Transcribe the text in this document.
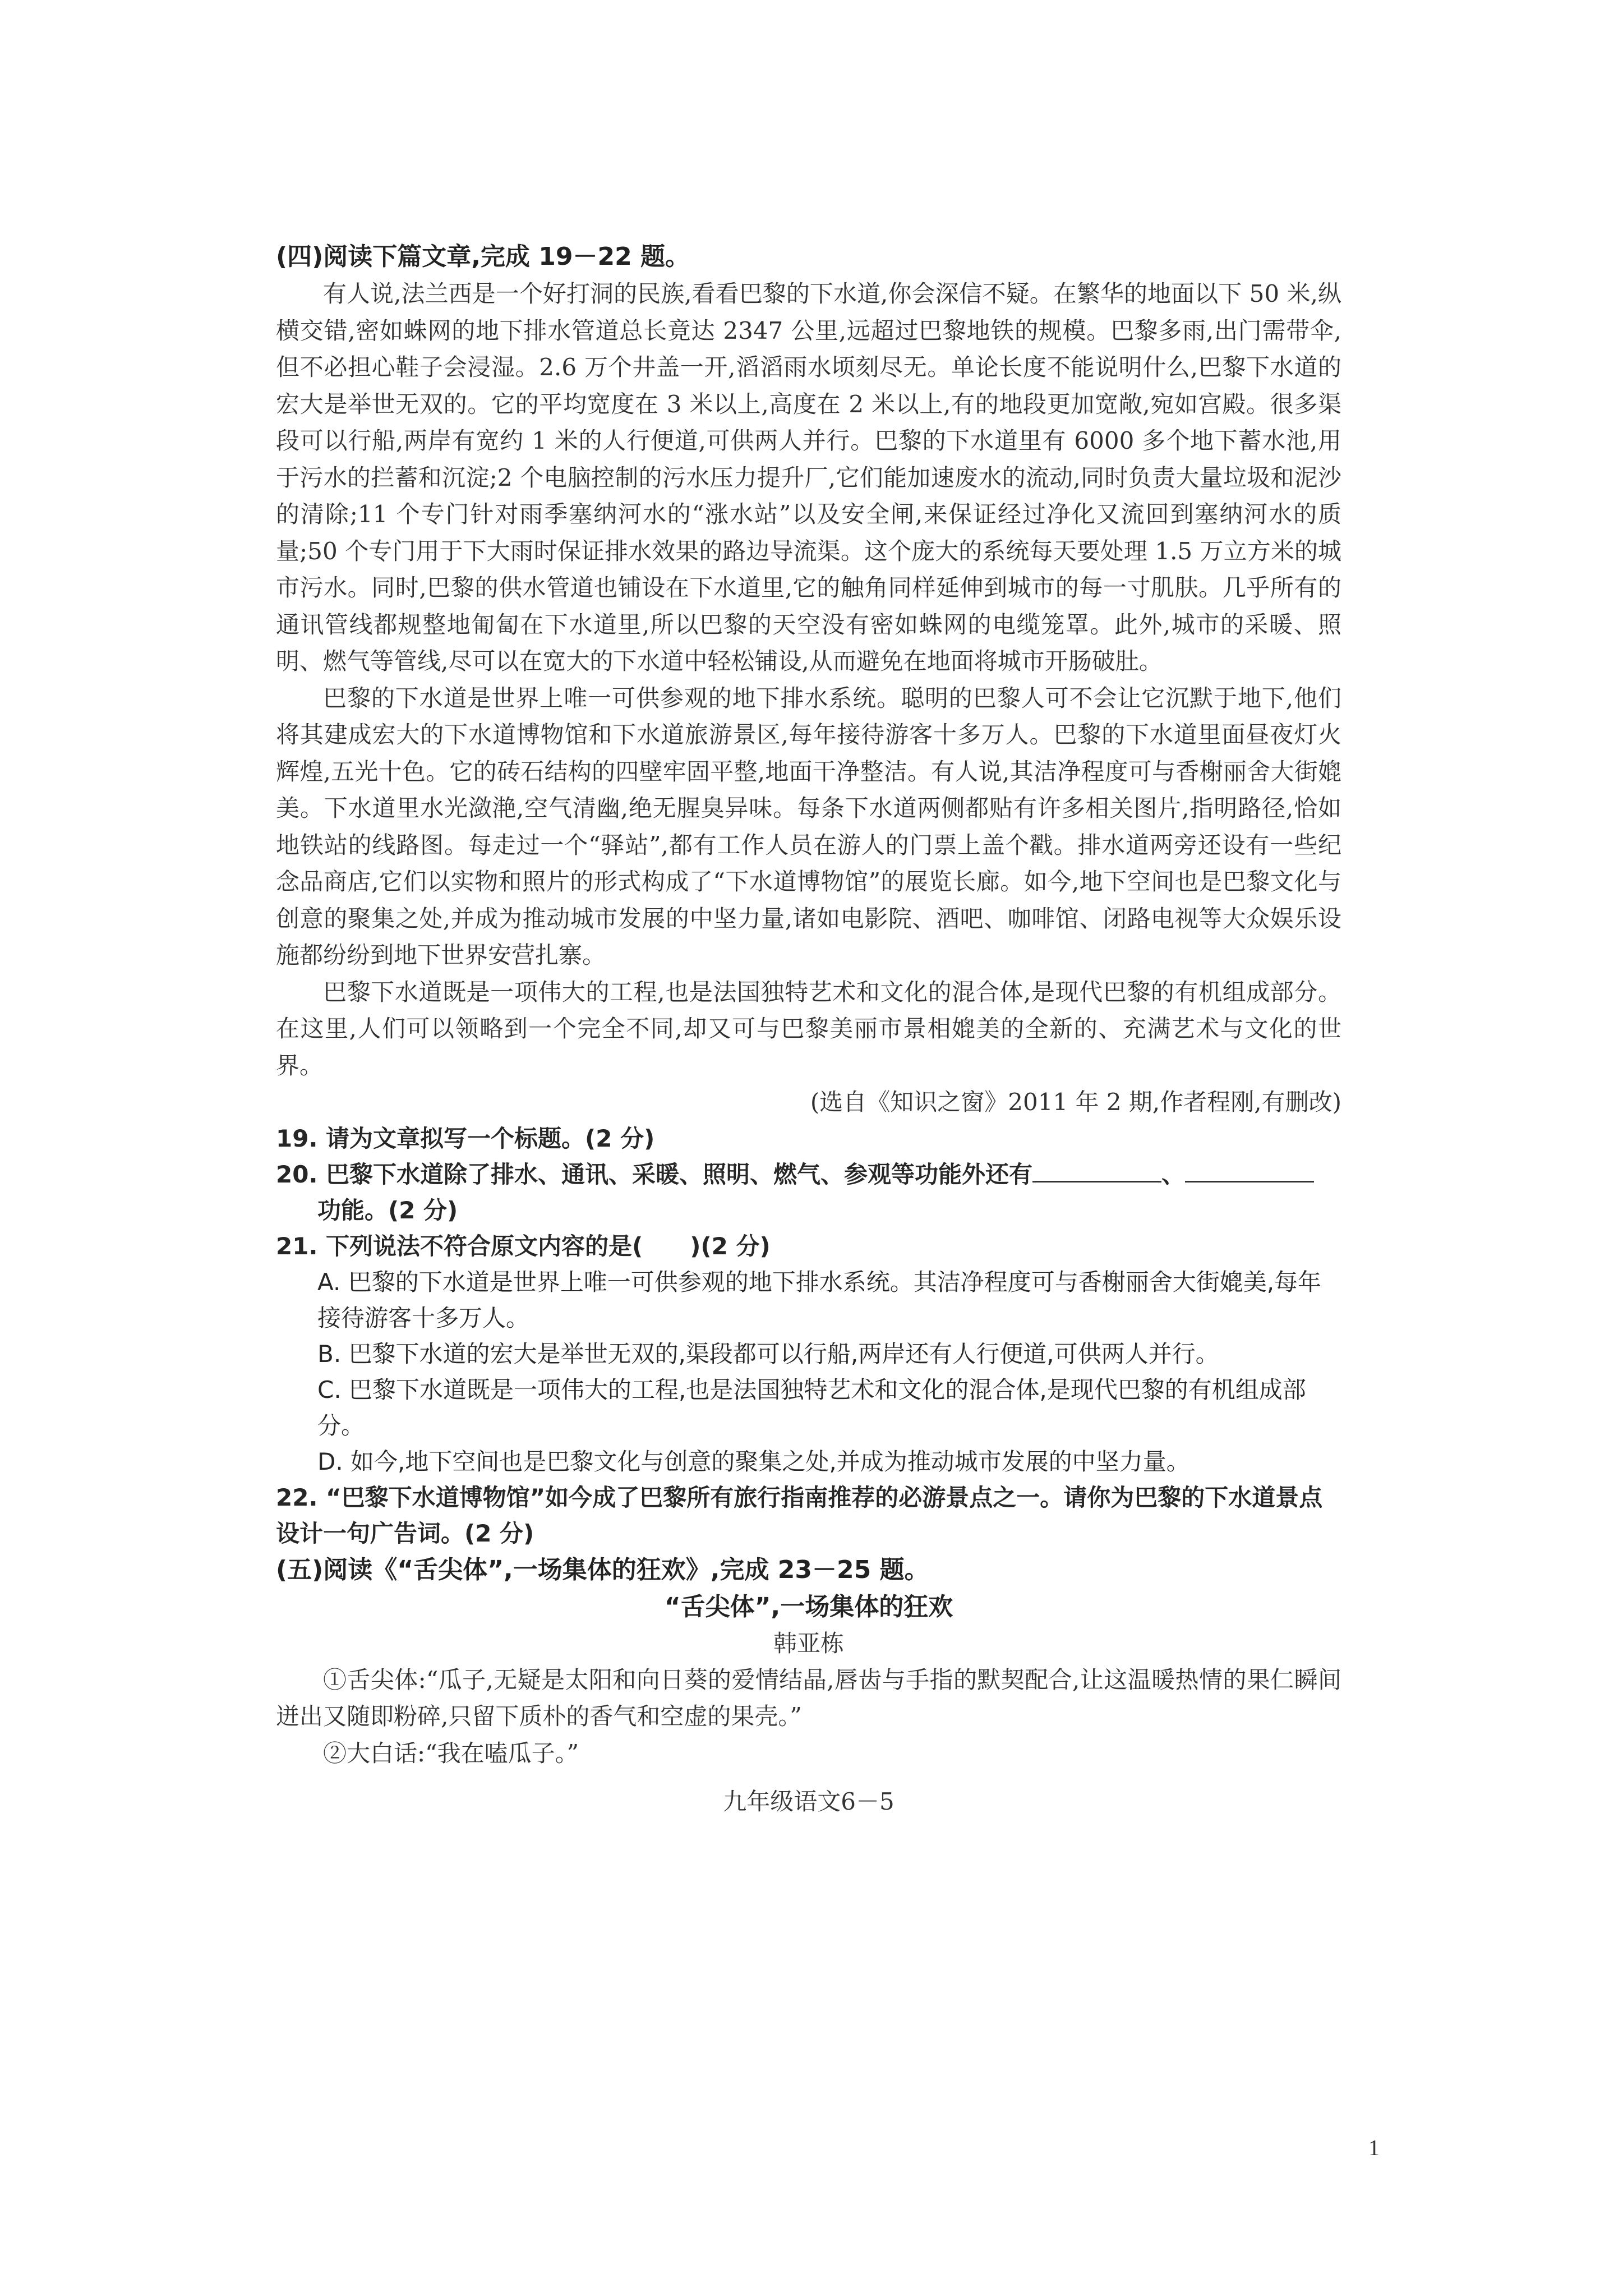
(四)阅读下篇文章,完成 19－22 题。

有人说,法兰西是一个好打洞的民族,看看巴黎的下水道,你会深信不疑。在繁华的地面以下 50 米,纵横交错,密如蛛网的地下排水管道总长竟达 2347 公里,远超过巴黎地铁的规模。巴黎多雨,出门需带伞,但不必担心鞋子会浸湿。2.6 万个井盖一开,滔滔雨水顷刻尽无。单论长度不能说明什么,巴黎下水道的宏大是举世无双的。它的平均宽度在 3 米以上,高度在 2 米以上,有的地段更加宽敞,宛如宫殿。很多渠段可以行船,两岸有宽约 1 米的人行便道,可供两人并行。巴黎的下水道里有 6000 多个地下蓄水池,用于污水的拦蓄和沉淀;2 个电脑控制的污水压力提升厂,它们能加速废水的流动,同时负责大量垃圾和泥沙的清除;11 个专门针对雨季塞纳河水的“涨水站”以及安全闸,来保证经过净化又流回到塞纳河水的质量;50 个专门用于下大雨时保证排水效果的路边导流渠。这个庞大的系统每天要处理 1.5 万立方米的城市污水。同时,巴黎的供水管道也铺设在下水道里,它的触角同样延伸到城市的每一寸肌肤。几乎所有的通讯管线都规整地匍匐在下水道里,所以巴黎的天空没有密如蛛网的电缆笼罩。此外,城市的采暖、照明、燃气等管线,尽可以在宽大的下水道中轻松铺设,从而避免在地面将城市开肠破肚。

巴黎的下水道是世界上唯一可供参观的地下排水系统。聪明的巴黎人可不会让它沉默于地下,他们将其建成宏大的下水道博物馆和下水道旅游景区,每年接待游客十多万人。巴黎的下水道里面昼夜灯火辉煌,五光十色。它的砖石结构的四壁牢固平整,地面干净整洁。有人说,其洁净程度可与香榭丽舍大街媲美。下水道里水光潋滟,空气清幽,绝无腥臭异味。每条下水道两侧都贴有许多相关图片,指明路径,恰如地铁站的线路图。每走过一个“驿站”,都有工作人员在游人的门票上盖个戳。排水道两旁还设有一些纪念品商店,它们以实物和照片的形式构成了“下水道博物馆”的展览长廊。如今,地下空间也是巴黎文化与创意的聚集之处,并成为推动城市发展的中坚力量,诸如电影院、酒吧、咖啡馆、闭路电视等大众娱乐设施都纷纷到地下世界安营扎寨。

巴黎下水道既是一项伟大的工程,也是法国独特艺术和文化的混合体,是现代巴黎的有机组成部分。在这里,人们可以领略到一个完全不同,却又可与巴黎美丽市景相媲美的全新的、充满艺术与文化的世界。

(选自《知识之窗》2011 年 2 期,作者程刚,有删改)

19. 请为文章拟写一个标题。(2 分)

20. 巴黎下水道除了排水、通讯、采暖、照明、燃气、参观等功能外还有	、

功能。(2 分)

21. 下列说法不符合原文内容的是(　　)(2 分)

A. 巴黎的下水道是世界上唯一可供参观的地下排水系统。其洁净程度可与香榭丽舍大街媲美,每年接待游客十多万人。

B. 巴黎下水道的宏大是举世无双的,渠段都可以行船,两岸还有人行便道,可供两人并行。

C. 巴黎下水道既是一项伟大的工程,也是法国独特艺术和文化的混合体,是现代巴黎的有机组成部分。

D. 如今,地下空间也是巴黎文化与创意的聚集之处,并成为推动城市发展的中坚力量。

22. “巴黎下水道博物馆”如今成了巴黎所有旅行指南推荐的必游景点之一。请你为巴黎的下水道景点设计一句广告词。(2 分)

(五)阅读《“舌尖体”,一场集体的狂欢》,完成 23－25 题。

“舌尖体”,一场集体的狂欢

韩亚栋

①舌尖体:“瓜子,无疑是太阳和向日葵的爱情结晶,唇齿与手指的默契配合,让这温暖热情的果仁瞬间迸出又随即粉碎,只留下质朴的香气和空虚的果壳。”

②大白话:“我在嗑瓜子。”

九年级语文6－5

1
